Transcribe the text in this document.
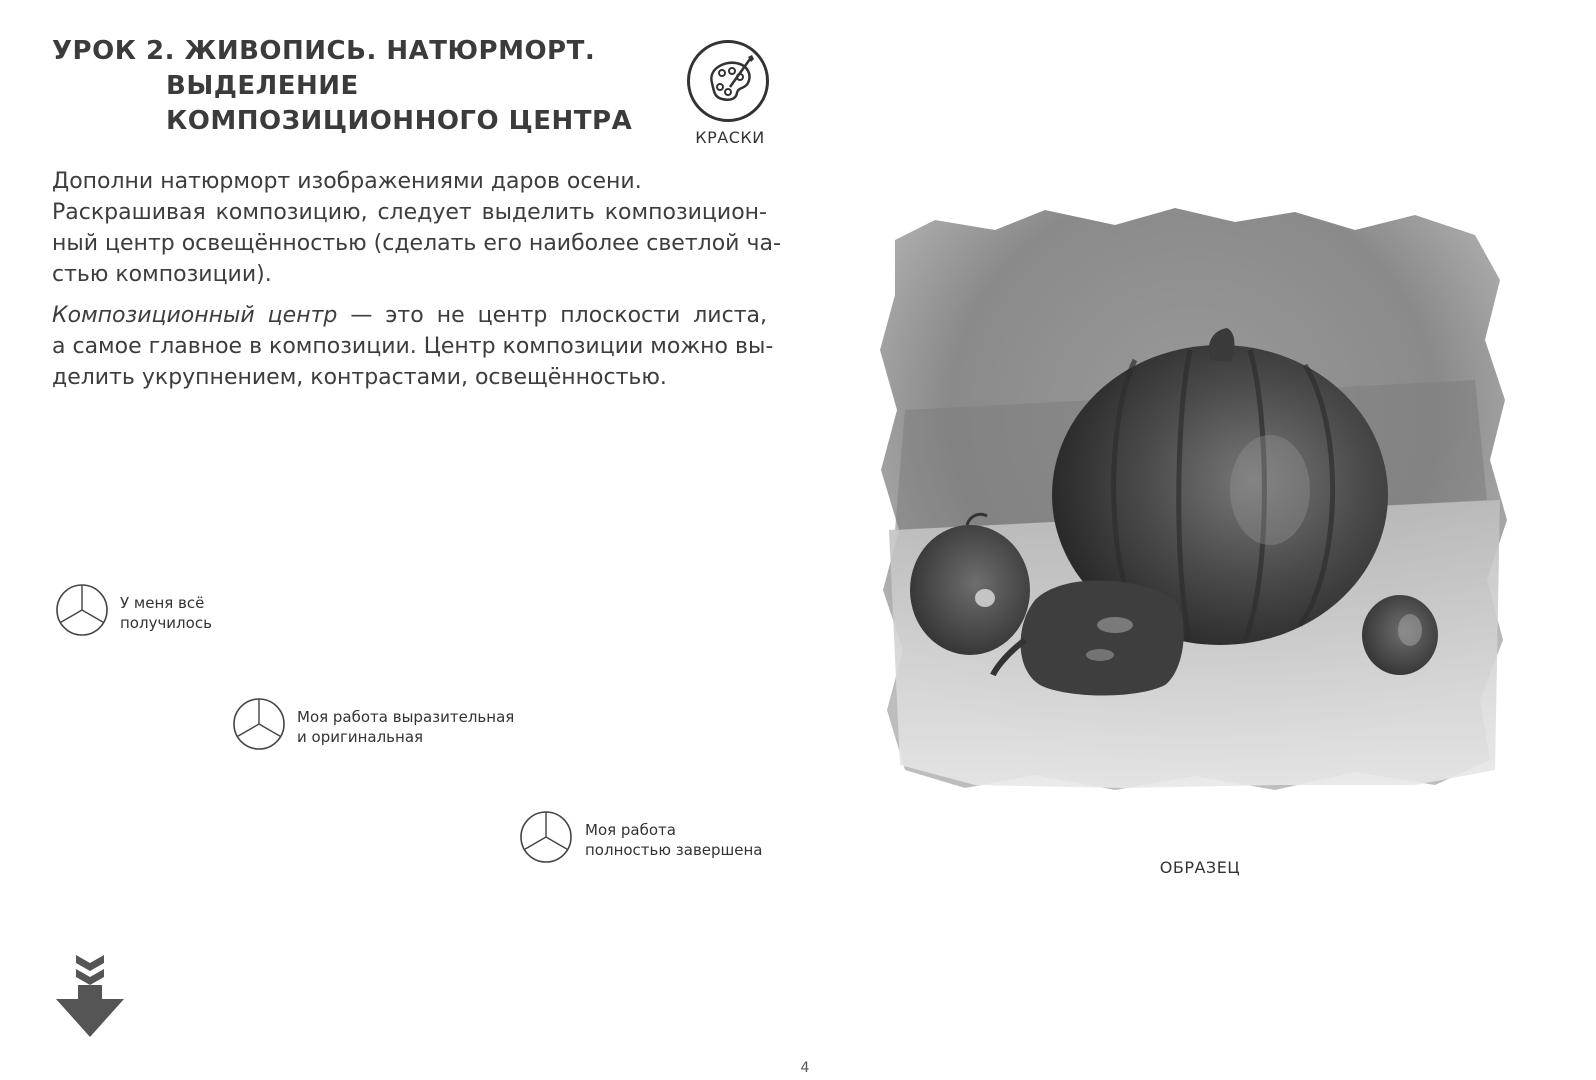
УРОК 2. ЖИВОПИСЬ. НАТЮРМОРТ.
ВЫДЕЛЕНИЕ
КОМПОЗИЦИОННОГО ЦЕНТРА
КРАСКИ
Дополни натюрморт изображениями даров осени.
Раскрашивая композицию, следует выделить композицион-
ный центр освещённостью (сделать его наиболее светлой ча-
стью композиции).
Композиционный центр — это не центр плоскости листа,
а самое главное в композиции. Центр композиции можно вы-
делить укрупнением, контрастами, освещённостью.
У меня всё
получилось
Моя работа выразительная
и оригинальная
Моя работа
полностью завершена
ОБРАЗЕЦ
4
